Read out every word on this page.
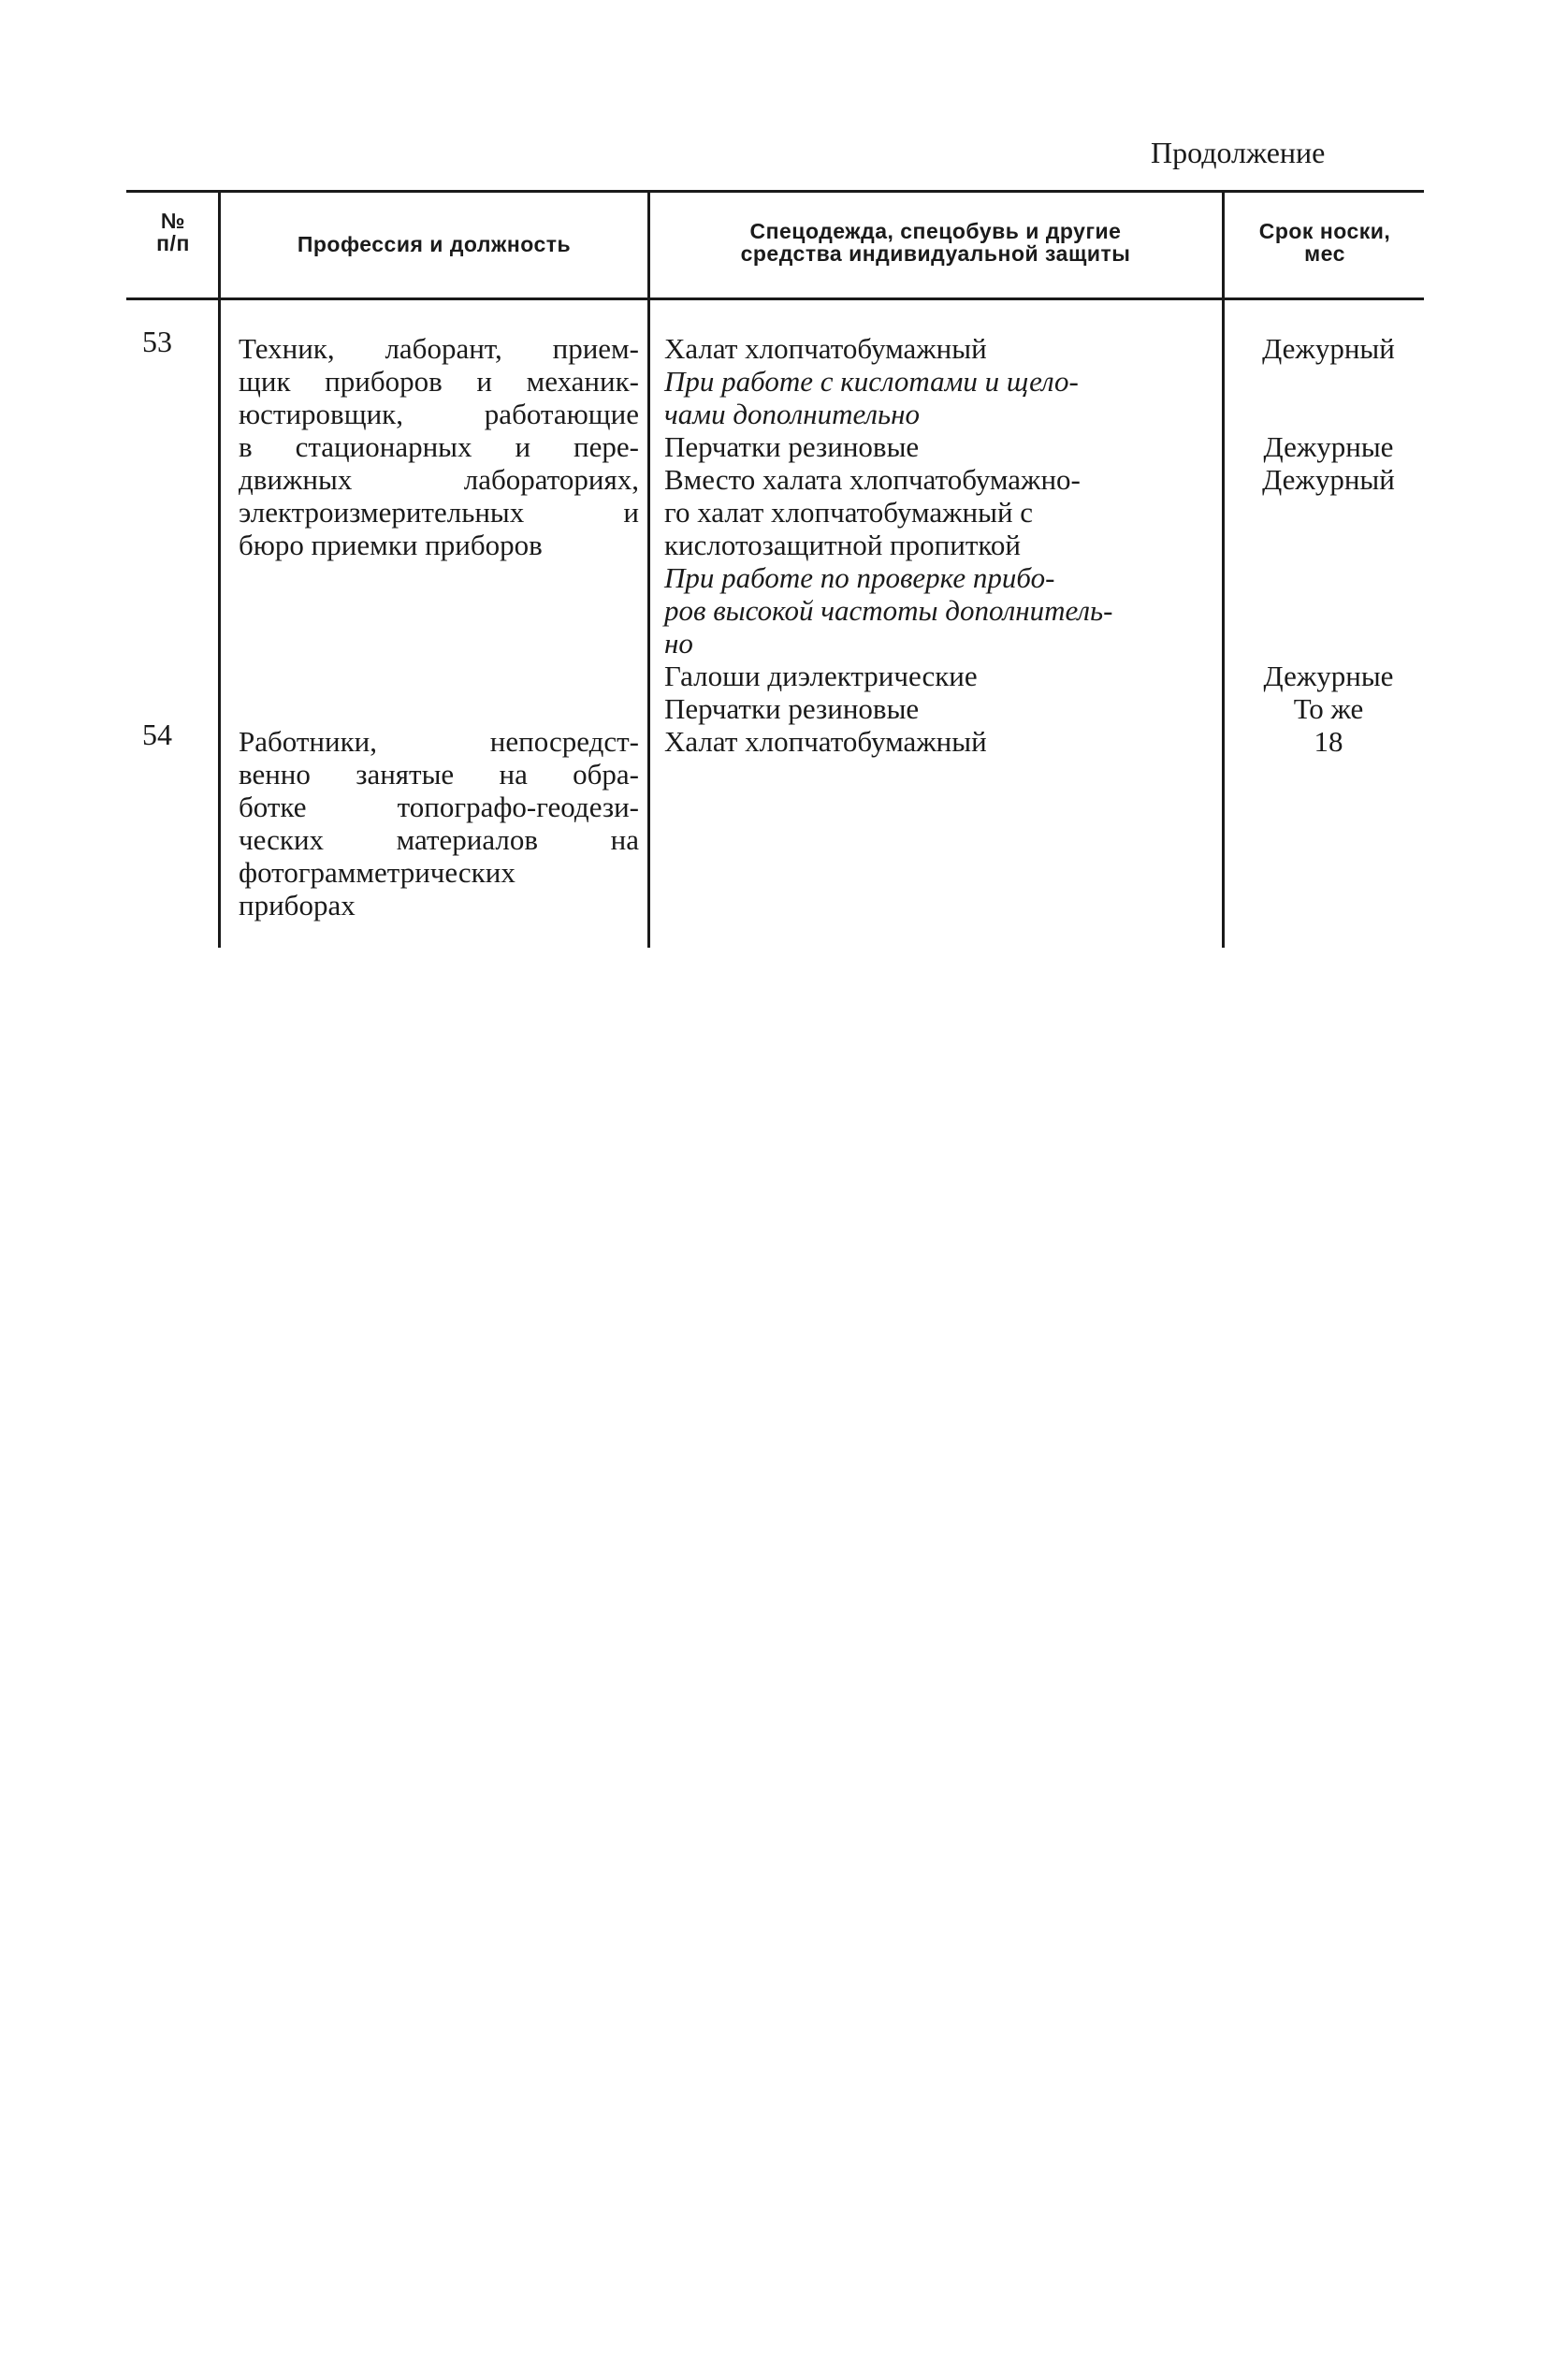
Продолжение
№
п/п	Профессия и должность
Спецодежда, спецобувь и другие
средства индивидуальной защиты
Срок носки,
мес
53 Техник, лаборант, прием-
щик приборов и механик-
юстировщик, работающие
в стационарных и пере-
движных лабораториях,
электроизмерительных и
бюро приемки приборов
Халат хлопчатобумажный
При работе с кислотами и щело-
чами дополнительно
Перчатки резиновые
Вместо халата хлопчатобумажно-
го халат хлопчатобумажный с
кислотозащитной пропиткой
При работе по проверке прибо-
ров высокой частоты дополнитель-
но
Галоши диэлектрические
Перчатки резиновые
Дежурный
Дежурные
Дежурный
Дежурные
То же
54 Работники, непосредст-
венно занятые на обра-
ботке топографо-геодези-
ческих материалов на
фотограмметрических
приборах
Халат хлопчатобумажный	18
